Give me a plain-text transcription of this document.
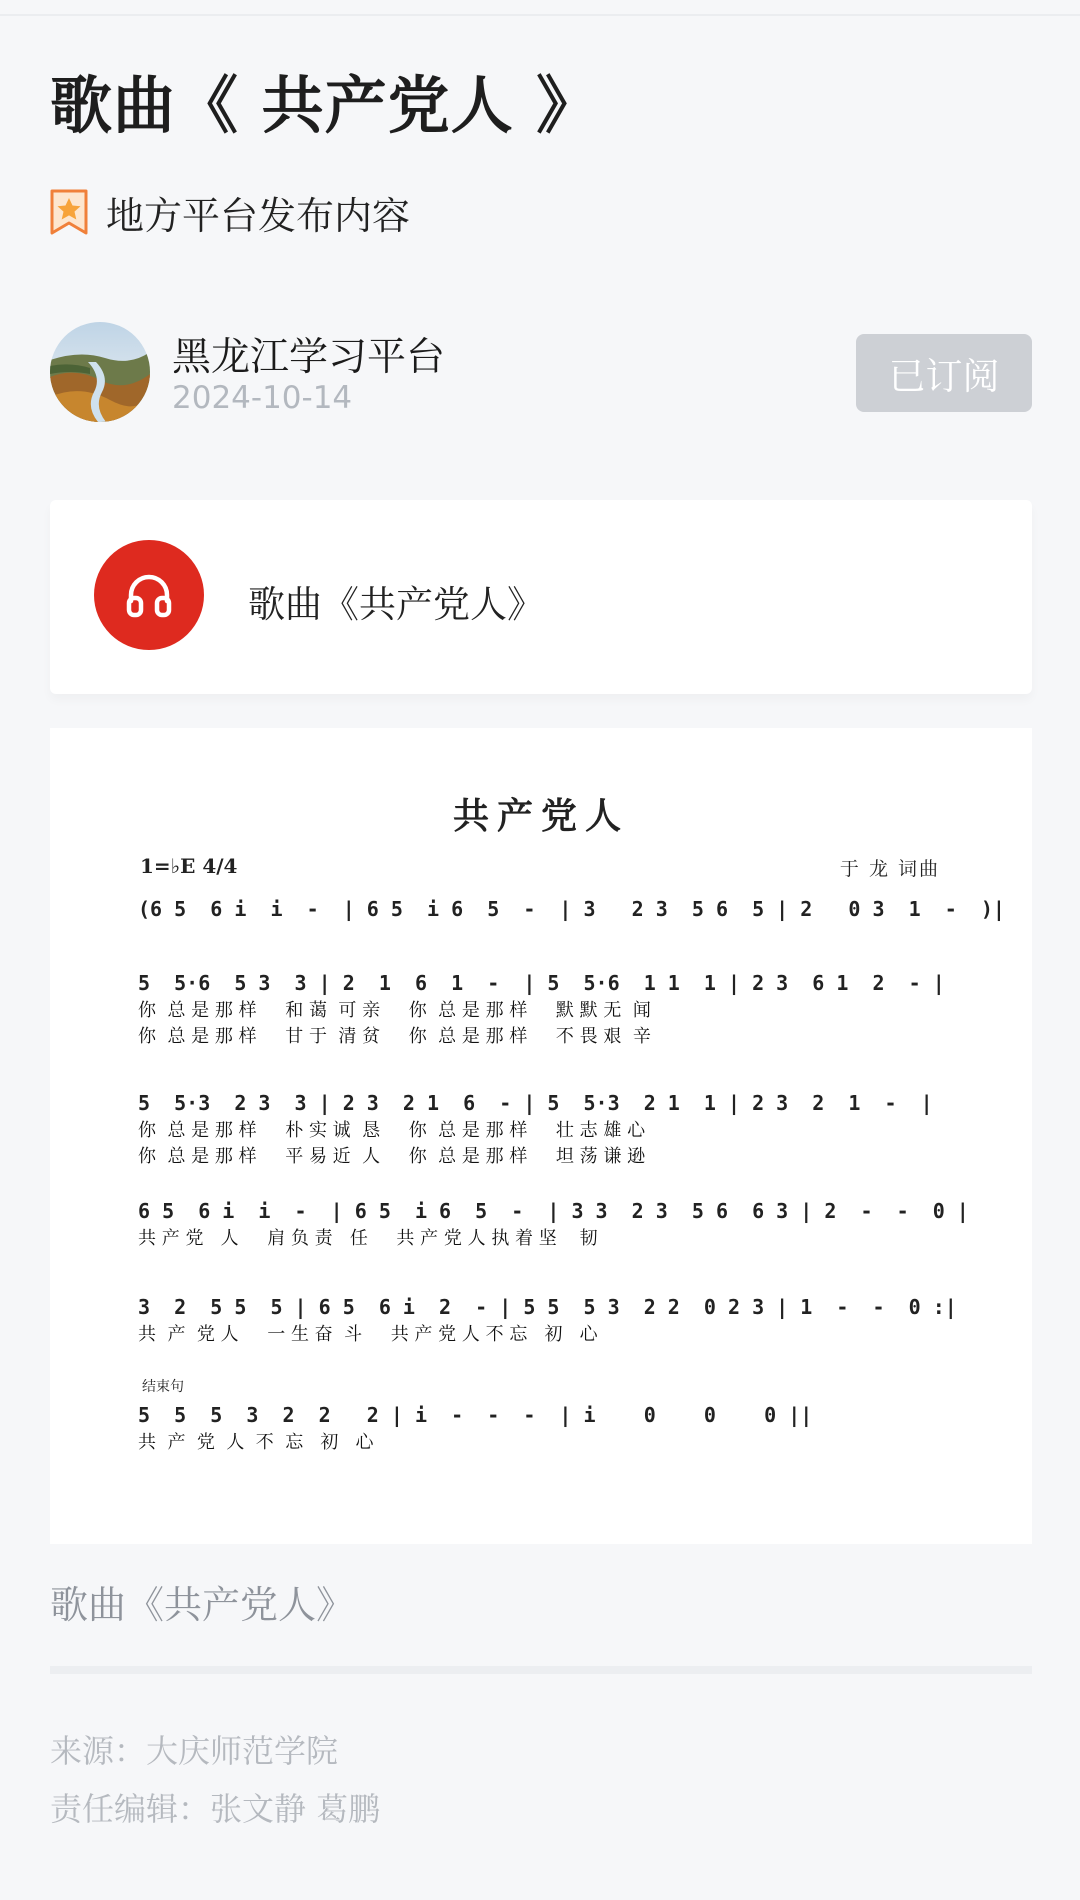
歌曲《 共产党人 》
地方平台发布内容
黑龙江学习平台
2024-10-14	已订阅
歌曲《共产党人》
共产党人
1=♭E 4/4	于 龙 词曲
(6 5  6 i  i  -  | 6 5  i 6  5  -  | 3   2 3  5 6  5 | 2   0 3  1  -  )|
5  5·6  5 3  3 | 2  1  6  1  -  | 5  5·6  1 1  1 | 2 3  6 1  2  - |
你  总 是 那 样     和 蔼  可 亲     你  总 是 那 样     默 默 无  闻
你  总 是 那 样     甘 于  清 贫     你  总 是 那 样     不 畏 艰  辛
5  5·3  2 3  3 | 2 3  2 1  6  - | 5  5·3  2 1  1 | 2 3  2  1  -  |
你  总 是 那 样     朴 实 诚  恳     你  总 是 那 样     壮 志 雄 心
你  总 是 那 样     平 易 近  人     你  总 是 那 样     坦 荡 谦 逊
6 5  6 i  i  -  | 6 5  i 6  5  -  | 3 3  2 3  5 6  6 3 | 2  -  -  0 |
共 产 党   人     肩 负 责   任     共 产 党 人 执 着 坚    韧
3  2  5 5  5 | 6 5  6 i  2  - | 5 5  5 3  2 2  0 2 3 | 1  -  -  0 :|
共  产  党 人     一 生 奋  斗     共 产 党 人 不 忘   初   心
结束句
5  5  5  3  2  2   2 | i  -  -  -  | i    0    0    0 ||
共  产  党  人  不  忘   初   心
歌曲《共产党人》
来源：大庆师范学院
责任编辑：张文静 葛鹏
